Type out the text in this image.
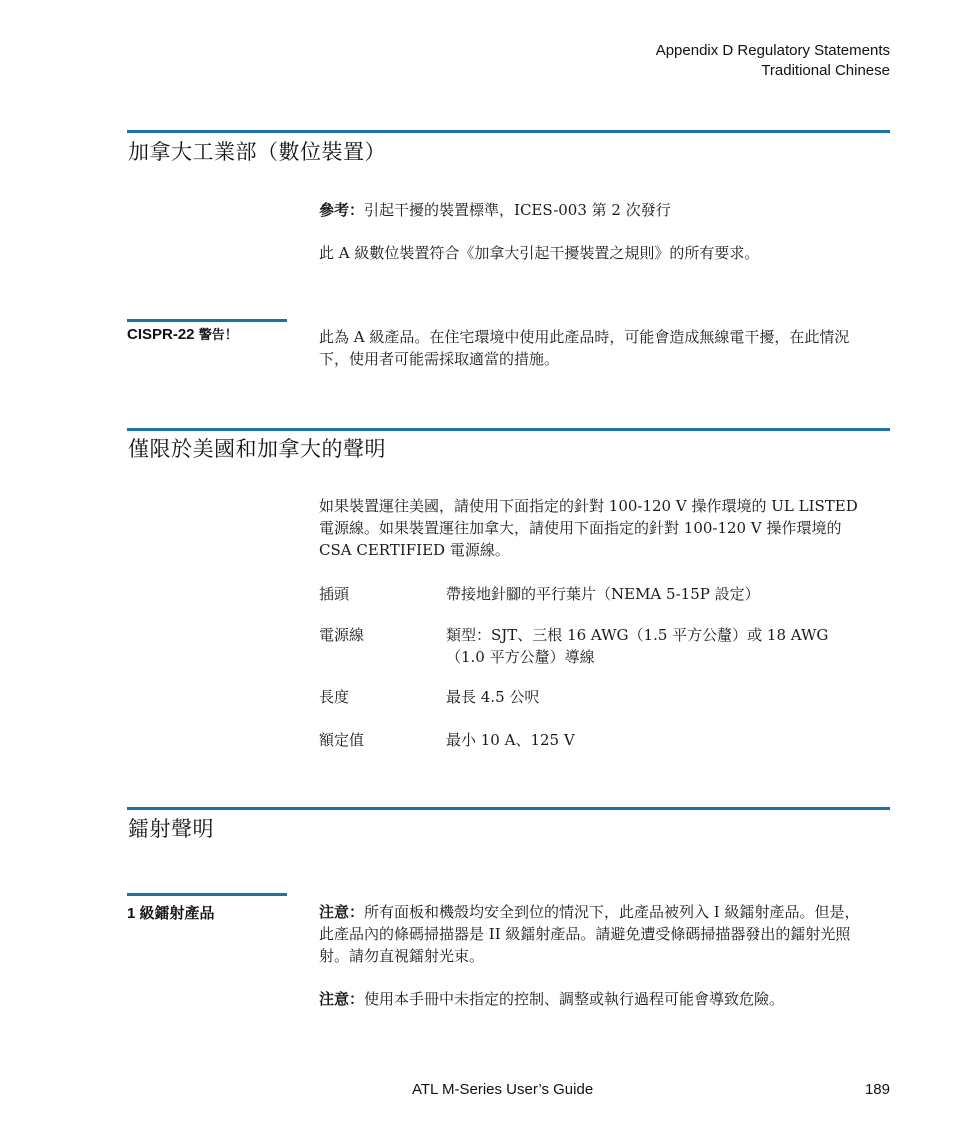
Appendix D Regulatory Statements
Traditional Chinese
加拿大工業部（數位裝置）
參考：引起干擾的裝置標準，ICES-003 第 2 次發行
此 A 級數位裝置符合《加拿大引起干擾裝置之規則》的所有要求。
CISPR-22 警告！	此為 A 級產品。在住宅環境中使用此產品時，可能會造成無線電干擾，在此情況下，使用者可能需採取適當的措施。
僅限於美國和加拿大的聲明
如果裝置運往美國，請使用下面指定的針對 100-120 V 操作環境的 UL LISTED 電源線。如果裝置運往加拿大，請使用下面指定的針對 100-120 V 操作環境的 CSA CERTIFIED 電源線。
插頭	帶接地針腳的平行葉片（NEMA 5-15P 設定）
電源線	類型：SJT、三根 16 AWG（1.5 平方公釐）或 18 AWG（1.0 平方公釐）導線
長度	最長 4.5 公呎
額定值	最小 10 A、125 V
鐳射聲明
1 級鐳射產品	注意：所有面板和機殼均安全到位的情況下，此產品被列入 I 級鐳射產品。但是，此產品內的條碼掃描器是 II 級鐳射產品。請避免遭受條碼掃描器發出的鐳射光照射。請勿直視鐳射光束。
注意：使用本手冊中未指定的控制、調整或執行過程可能會導致危險。
ATL M-Series User’s Guide	189
